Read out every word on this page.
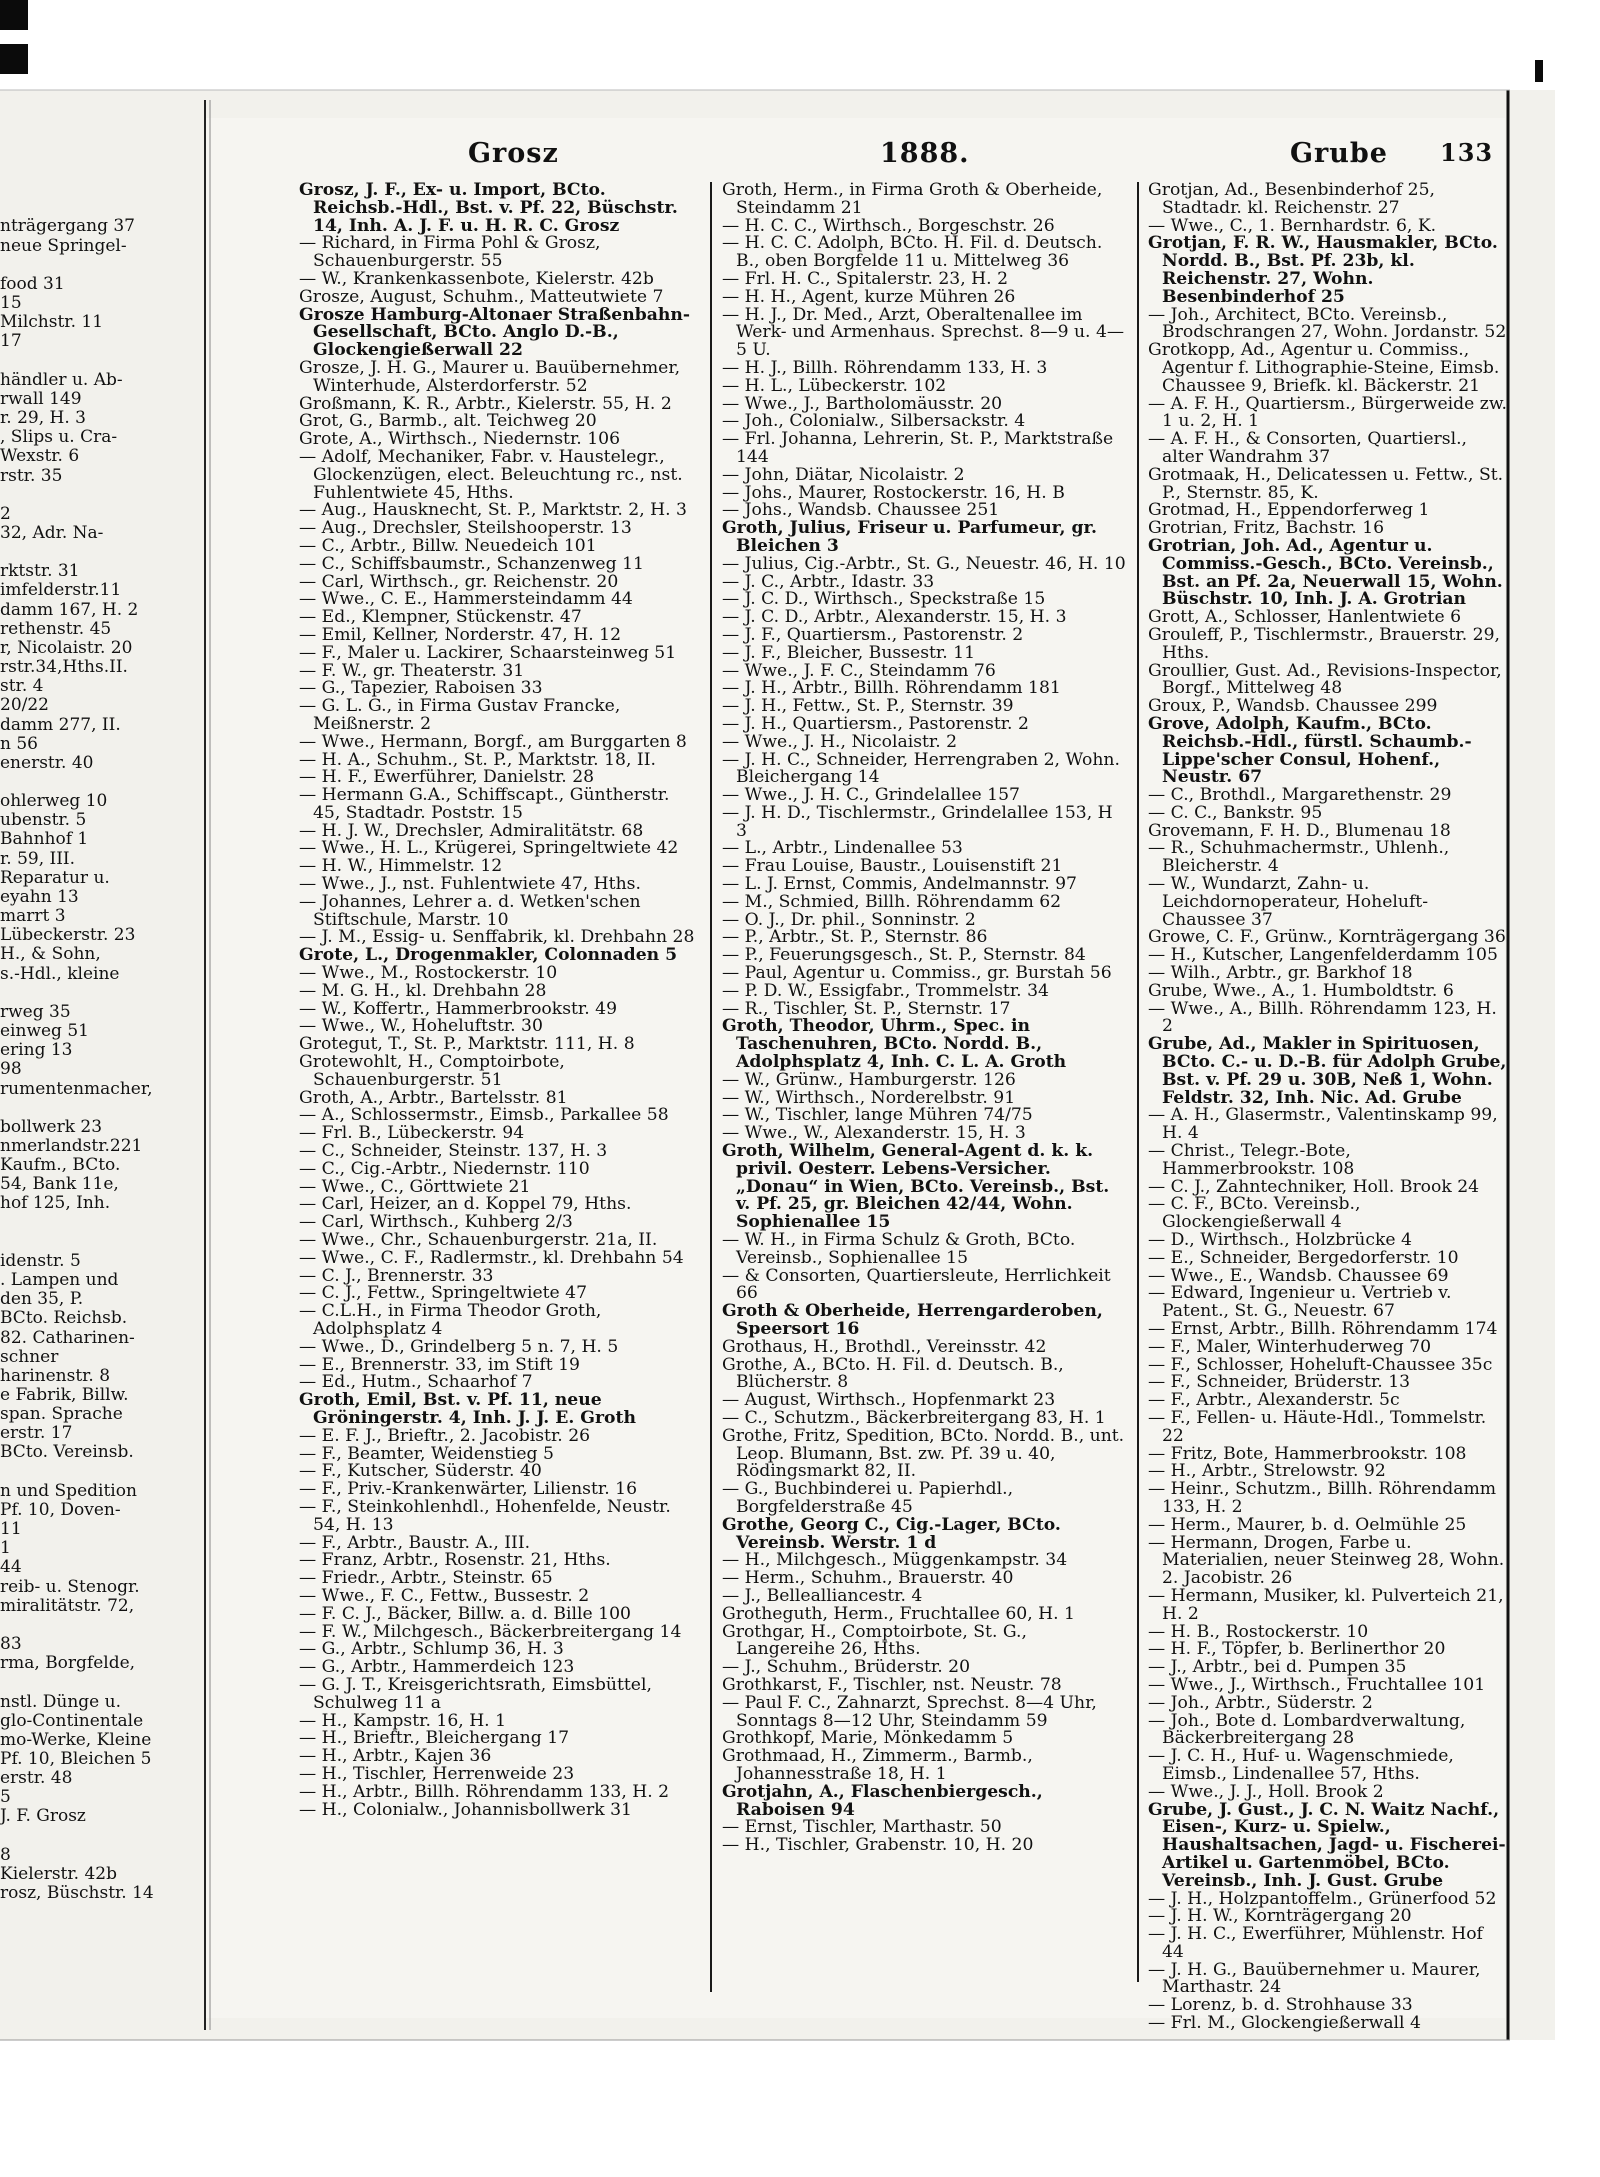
nträgergang 37

neue Springel-

food 31

15

Milchstr. 11

17

händler u. Ab-

rwall 149

r. 29, H. 3

, Slips u. Cra-

Wexstr. 6

rstr. 35

2

32, Adr. Na-

rktstr. 31

imfelderstr.11

damm 167, H. 2

rethenstr. 45

r, Nicolaistr. 20

rstr.34,Hths.II.

str. 4

20/22

damm 277, II.

n 56

enerstr. 40

ohlerweg 10

ubenstr. 5

Bahnhof 1

r. 59, III.

Reparatur u.

eyahn 13

marrt 3

Lübeckerstr. 23

H., & Sohn,

s.-Hdl., kleine

rweg 35

einweg 51

ering 13

98

rumentenmacher,

bollwerk 23

nmerlandstr.221

Kaufm., BCto.

54, Bank 11e,

hof 125, Inh.

idenstr. 5

. Lampen und

den 35, P.

BCto. Reichsb.

82. Catharinen-

schner

harinenstr. 8

e Fabrik, Billw.

span. Sprache

erstr. 17

BCto. Vereinsb.

n und Spedition

Pf. 10, Doven-

11

1

44

reib- u. Stenogr.

miralitätstr. 72,

83

rma, Borgfelde,

nstl. Dünge u.

glo-Continentale

mo-Werke, Kleine

Pf. 10, Bleichen 5

erstr. 48

5

J. F. Grosz

8

Kielerstr. 42b

rosz, Büschstr. 14

Grosz	1888.	Grube 133

Grosz, J. F., Ex- u. Import, BCto. Reichsb.-Hdl., Bst. v. Pf. 22, Büschstr. 14, Inh. A. J. F. u. H. R. C. Grosz

— Richard, in Firma Pohl & Grosz, Schauenburgerstr. 55

— W., Krankenkassenbote, Kielerstr. 42b

Grosze, August, Schuhm., Matteutwiete 7

Grosze Hamburg-Altonaer Straßenbahn-Gesellschaft, BCto. Anglo D.-B., Glockengießerwall 22

Grosze, J. H. G., Maurer u. Bauübernehmer, Winterhude, Alsterdorferstr. 52

Großmann, K. R., Arbtr., Kielerstr. 55, H. 2

Grot, G., Barmb., alt. Teichweg 20

Grote, A., Wirthsch., Niedernstr. 106

— Adolf, Mechaniker, Fabr. v. Haustelegr., Glockenzügen, elect. Beleuchtung rc., nst. Fuhlentwiete 45, Hths.

— Aug., Hausknecht, St. P., Marktstr. 2, H. 3

— Aug., Drechsler, Steilshooperstr. 13

— C., Arbtr., Billw. Neuedeich 101

— C., Schiffsbaumstr., Schanzenweg 11

— Carl, Wirthsch., gr. Reichenstr. 20

— Wwe., C. E., Hammersteindamm 44

— Ed., Klempner, Stückenstr. 47

— Emil, Kellner, Norderstr. 47, H. 12

— F., Maler u. Lackirer, Schaarsteinweg 51

— F. W., gr. Theaterstr. 31

— G., Tapezier, Raboisen 33

— G. L. G., in Firma Gustav Francke, Meißnerstr. 2

— Wwe., Hermann, Borgf., am Burggarten 8

— H. A., Schuhm., St. P., Marktstr. 18, II.

— H. F., Ewerführer, Danielstr. 28

— Hermann G.A., Schiffscapt., Güntherstr. 45, Stadtadr. Poststr. 15

— H. J. W., Drechsler, Admiralitätstr. 68

— Wwe., H. L., Krügerei, Springeltwiete 42

— H. W., Himmelstr. 12

— Wwe., J., nst. Fuhlentwiete 47, Hths.

— Johannes, Lehrer a. d. Wetken'schen Stiftschule, Marstr. 10

— J. M., Essig- u. Senffabrik, kl. Drehbahn 28

Grote, L., Drogenmakler, Colonnaden 5

— Wwe., M., Rostockerstr. 10

— M. G. H., kl. Drehbahn 28

— W., Koffertr., Hammerbrookstr. 49

— Wwe., W., Hoheluftstr. 30

Grotegut, T., St. P., Marktstr. 111, H. 8

Grotewohlt, H., Comptoirbote, Schauenburgerstr. 51

Groth, A., Arbtr., Bartelsstr. 81

— A., Schlossermstr., Eimsb., Parkallee 58

— Frl. B., Lübeckerstr. 94

— C., Schneider, Steinstr. 137, H. 3

— C., Cig.-Arbtr., Niedernstr. 110

— Wwe., C., Görttwiete 21

— Carl, Heizer, an d. Koppel 79, Hths.

— Carl, Wirthsch., Kuhberg 2/3

— Wwe., Chr., Schauenburgerstr. 21a, II.

— Wwe., C. F., Radlermstr., kl. Drehbahn 54

— C. J., Brennerstr. 33

— C. J., Fettw., Springeltwiete 47

— C.L.H., in Firma Theodor Groth, Adolphsplatz 4

— Wwe., D., Grindelberg 5 n. 7, H. 5

— E., Brennerstr. 33, im Stift 19

— Ed., Hutm., Schaarhof 7

Groth, Emil, Bst. v. Pf. 11, neue Gröningerstr. 4, Inh. J. J. E. Groth

— E. F. J., Brieftr., 2. Jacobistr. 26

— F., Beamter, Weidenstieg 5

— F., Kutscher, Süderstr. 40

— F., Priv.-Krankenwärter, Lilienstr. 16

— F., Steinkohlenhdl., Hohenfelde, Neustr. 54, H. 13

— F., Arbtr., Baustr. A., III.

— Franz, Arbtr., Rosenstr. 21, Hths.

— Friedr., Arbtr., Steinstr. 65

— Wwe., F. C., Fettw., Bussestr. 2

— F. C. J., Bäcker, Billw. a. d. Bille 100

— F. W., Milchgesch., Bäckerbreitergang 14

— G., Arbtr., Schlump 36, H. 3

— G., Arbtr., Hammerdeich 123

— G. J. T., Kreisgerichtsrath, Eimsbüttel, Schulweg 11 a

— H., Kampstr. 16, H. 1

— H., Brieftr., Bleichergang 17

— H., Arbtr., Kajen 36

— H., Tischler, Herrenweide 23

— H., Arbtr., Billh. Röhrendamm 133, H. 2

— H., Colonialw., Johannisbollwerk 31

Groth, Herm., in Firma Groth & Oberheide, Steindamm 21

— H. C. C., Wirthsch., Borgeschstr. 26

— H. C. C. Adolph, BCto. H. Fil. d. Deutsch. B., oben Borgfelde 11 u. Mittelweg 36

— Frl. H. C., Spitalerstr. 23, H. 2

— H. H., Agent, kurze Mühren 26

— H. J., Dr. Med., Arzt, Oberaltenallee im Werk- und Armenhaus. Sprechst. 8—9 u. 4—5 U.

— H. J., Billh. Röhrendamm 133, H. 3

— H. L., Lübeckerstr. 102

— Wwe., J., Bartholomäusstr. 20

— Joh., Colonialw., Silbersackstr. 4

— Frl. Johanna, Lehrerin, St. P., Marktstraße 144

— John, Diätar, Nicolaistr. 2

— Johs., Maurer, Rostockerstr. 16, H. B

— Johs., Wandsb. Chaussee 251

Groth, Julius, Friseur u. Parfumeur, gr. Bleichen 3

— Julius, Cig.-Arbtr., St. G., Neuestr. 46, H. 10

— J. C., Arbtr., Idastr. 33

— J. C. D., Wirthsch., Speckstraße 15

— J. C. D., Arbtr., Alexanderstr. 15, H. 3

— J. F., Quartiersm., Pastorenstr. 2

— J. F., Bleicher, Bussestr. 11

— Wwe., J. F. C., Steindamm 76

— J. H., Arbtr., Billh. Röhrendamm 181

— J. H., Fettw., St. P., Sternstr. 39

— J. H., Quartiersm., Pastorenstr. 2

— Wwe., J. H., Nicolaistr. 2

— J. H. C., Schneider, Herrengraben 2, Wohn. Bleichergang 14

— Wwe., J. H. C., Grindelallee 157

— J. H. D., Tischlermstr., Grindelallee 153, H 3

— L., Arbtr., Lindenallee 53

— Frau Louise, Baustr., Louisenstift 21

— L. J. Ernst, Commis, Andelmannstr. 97

— M., Schmied, Billh. Röhrendamm 62

— O. J., Dr. phil., Sonninstr. 2

— P., Arbtr., St. P., Sternstr. 86

— P., Feuerungsgesch., St. P., Sternstr. 84

— Paul, Agentur u. Commiss., gr. Burstah 56

— P. D. W., Essigfabr., Trommelstr. 34

— R., Tischler, St. P., Sternstr. 17

Groth, Theodor, Uhrm., Spec. in Taschenuhren, BCto. Nordd. B., Adolphsplatz 4, Inh. C. L. A. Groth

— W., Grünw., Hamburgerstr. 126

— W., Wirthsch., Norderelbstr. 91

— W., Tischler, lange Mühren 74/75

— Wwe., W., Alexanderstr. 15, H. 3

Groth, Wilhelm, General-Agent d. k. k. privil. Oesterr. Lebens-Versicher. „Donau“ in Wien, BCto. Vereinsb., Bst. v. Pf. 25, gr. Bleichen 42/44, Wohn. Sophienallee 15

— W. H., in Firma Schulz & Groth, BCto. Vereinsb., Sophienallee 15

— & Consorten, Quartiersleute, Herrlichkeit 66

Groth & Oberheide, Herrengarderoben, Speersort 16

Grothaus, H., Brothdl., Vereinsstr. 42

Grothe, A., BCto. H. Fil. d. Deutsch. B., Blücherstr. 8

— August, Wirthsch., Hopfenmarkt 23

— C., Schutzm., Bäckerbreitergang 83, H. 1

Grothe, Fritz, Spedition, BCto. Nordd. B., unt. Leop. Blumann, Bst. zw. Pf. 39 u. 40, Rödingsmarkt 82, II.

— G., Buchbinderei u. Papierhdl., Borgfelderstraße 45

Grothe, Georg C., Cig.-Lager, BCto. Vereinsb. Werstr. 1 d

— H., Milchgesch., Müggenkampstr. 34

— Herm., Schuhm., Brauerstr. 40

— J., Bellealliancestr. 4

Grotheguth, Herm., Fruchtallee 60, H. 1

Grothgar, H., Comptoirbote, St. G., Langereihe 26, Hths.

— J., Schuhm., Brüderstr. 20

Grothkarst, F., Tischler, nst. Neustr. 78

— Paul F. C., Zahnarzt, Sprechst. 8—4 Uhr, Sonntags 8—12 Uhr, Steindamm 59

Grothkopf, Marie, Mönkedamm 5

Grothmaad, H., Zimmerm., Barmb., Johannesstraße 18, H. 1

Grotjahn, A., Flaschenbiergesch., Raboisen 94

— Ernst, Tischler, Marthastr. 50

— H., Tischler, Grabenstr. 10, H. 20

Grotjan, Ad., Besenbinderhof 25, Stadtadr. kl. Reichenstr. 27

— Wwe., C., 1. Bernhardstr. 6, K.

Grotjan, F. R. W., Hausmakler, BCto. Nordd. B., Bst. Pf. 23b, kl. Reichenstr. 27, Wohn. Besenbinderhof 25

— Joh., Architect, BCto. Vereinsb., Brodschrangen 27, Wohn. Jordanstr. 52

Grotkopp, Ad., Agentur u. Commiss., Agentur f. Lithographie-Steine, Eimsb. Chaussee 9, Briefk. kl. Bäckerstr. 21

— A. F. H., Quartiersm., Bürgerweide zw. 1 u. 2, H. 1

— A. F. H., & Consorten, Quartiersl., alter Wandrahm 37

Grotmaak, H., Delicatessen u. Fettw., St. P., Sternstr. 85, K.

Grotmad, H., Eppendorferweg 1

Grotrian, Fritz, Bachstr. 16

Grotrian, Joh. Ad., Agentur u. Commiss.-Gesch., BCto. Vereinsb., Bst. an Pf. 2a, Neuerwall 15, Wohn. Büschstr. 10, Inh. J. A. Grotrian

Grott, A., Schlosser, Hanlentwiete 6

Grouleff, P., Tischlermstr., Brauerstr. 29, Hths.

Groullier, Gust. Ad., Revisions-Inspector, Borgf., Mittelweg 48

Groux, P., Wandsb. Chaussee 299

Grove, Adolph, Kaufm., BCto. Reichsb.-Hdl., fürstl. Schaumb.-Lippe'scher Consul, Hohenf., Neustr. 67

— C., Brothdl., Margarethenstr. 29

— C. C., Bankstr. 95

Grovemann, F. H. D., Blumenau 18

— R., Schuhmachermstr., Uhlenh., Bleicherstr. 4

— W., Wundarzt, Zahn- u. Leichdornoperateur, Hoheluft-Chaussee 37

Growe, C. F., Grünw., Kornträgergang 36

— H., Kutscher, Langenfelderdamm 105

— Wilh., Arbtr., gr. Barkhof 18

Grube, Wwe., A., 1. Humboldtstr. 6

— Wwe., A., Billh. Röhrendamm 123, H. 2

Grube, Ad., Makler in Spirituosen, BCto. C.- u. D.-B. für Adolph Grube, Bst. v. Pf. 29 u. 30B, Neß 1, Wohn. Feldstr. 32, Inh. Nic. Ad. Grube

— A. H., Glasermstr., Valentinskamp 99, H. 4

— Christ., Telegr.-Bote, Hammerbrookstr. 108

— C. J., Zahntechniker, Holl. Brook 24

— C. F., BCto. Vereinsb., Glockengießerwall 4

— D., Wirthsch., Holzbrücke 4

— E., Schneider, Bergedorferstr. 10

— Wwe., E., Wandsb. Chaussee 69

— Edward, Ingenieur u. Vertrieb v. Patent., St. G., Neuestr. 67

— Ernst, Arbtr., Billh. Röhrendamm 174

— F., Maler, Winterhuderweg 70

— F., Schlosser, Hoheluft-Chaussee 35c

— F., Schneider, Brüderstr. 13

— F., Arbtr., Alexanderstr. 5c

— F., Fellen- u. Häute-Hdl., Tommelstr. 22

— Fritz, Bote, Hammerbrookstr. 108

— H., Arbtr., Strelowstr. 92

— Heinr., Schutzm., Billh. Röhrendamm 133, H. 2

— Herm., Maurer, b. d. Oelmühle 25

— Hermann, Drogen, Farbe u. Materialien, neuer Steinweg 28, Wohn. 2. Jacobistr. 26

— Hermann, Musiker, kl. Pulverteich 21, H. 2

— H. B., Rostockerstr. 10

— H. F., Töpfer, b. Berlinerthor 20

— J., Arbtr., bei d. Pumpen 35

— Wwe., J., Wirthsch., Fruchtallee 101

— Joh., Arbtr., Süderstr. 2

— Joh., Bote d. Lombardverwaltung, Bäckerbreitergang 28

— J. C. H., Huf- u. Wagenschmiede, Eimsb., Lindenallee 57, Hths.

— Wwe., J. J., Holl. Brook 2

Grube, J. Gust., J. C. N. Waitz Nachf., Eisen-, Kurz- u. Spielw., Haushaltsachen, Jagd- u. Fischerei-Artikel u. Gartenmöbel, BCto. Vereinsb., Inh. J. Gust. Grube

— J. H., Holzpantoffelm., Grünerfood 52

— J. H. W., Kornträgergang 20

— J. H. C., Ewerführer, Mühlenstr. Hof 44

— J. H. G., Bauübernehmer u. Maurer, Marthastr. 24

— Lorenz, b. d. Strohhause 33

— Frl. M., Glockengießerwall 4
